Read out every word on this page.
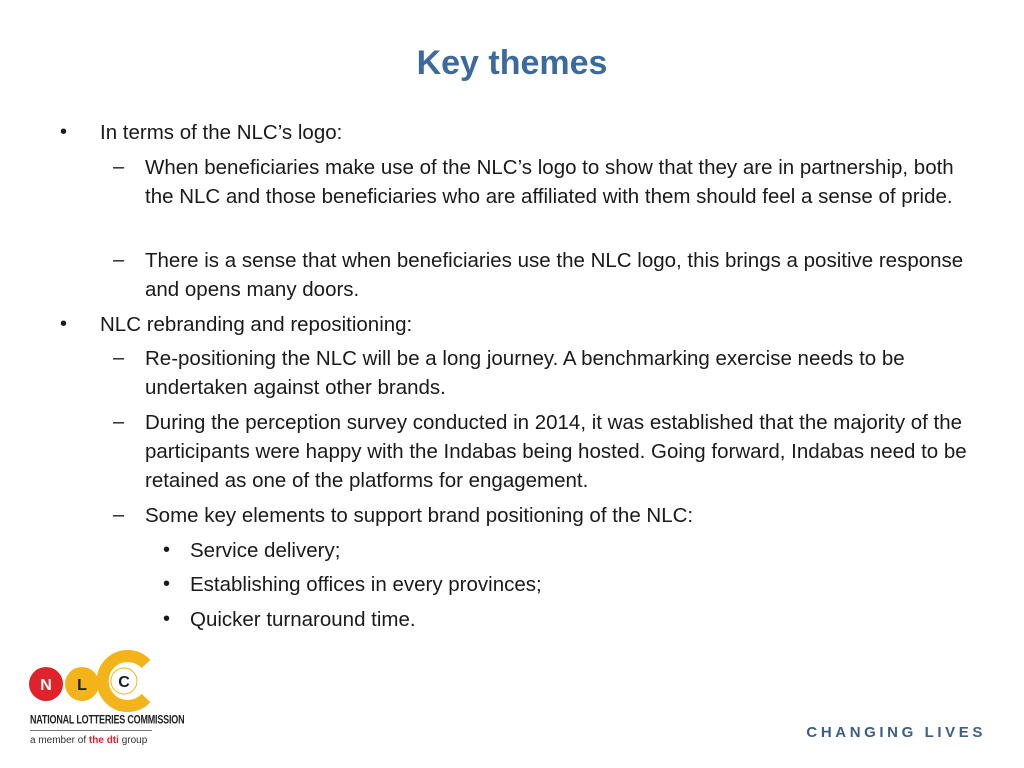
Key themes
• In terms of the NLC’s logo:
– When beneficiaries make use of the NLC’s logo to show that they are in partnership, both the NLC and those beneficiaries who are affiliated with them should feel a sense of pride.
– There is a sense that when beneficiaries use the NLC logo, this brings a positive response and opens many doors.
• NLC rebranding and repositioning:
– Re-positioning the NLC will be a long journey. A benchmarking exercise needs to be undertaken against other brands.
– During the perception survey conducted in 2014, it was established that the majority of the participants were happy with the Indabas being hosted. Going forward, Indabas need to be retained as one of the platforms for engagement.
– Some key elements to support brand positioning of the NLC:
• Service delivery;
• Establishing offices in every provinces;
• Quicker turnaround time.
C
N L
NATIONAL LOTTERIES COMMISSION
a member of the dti group	CHANGING LIVES
